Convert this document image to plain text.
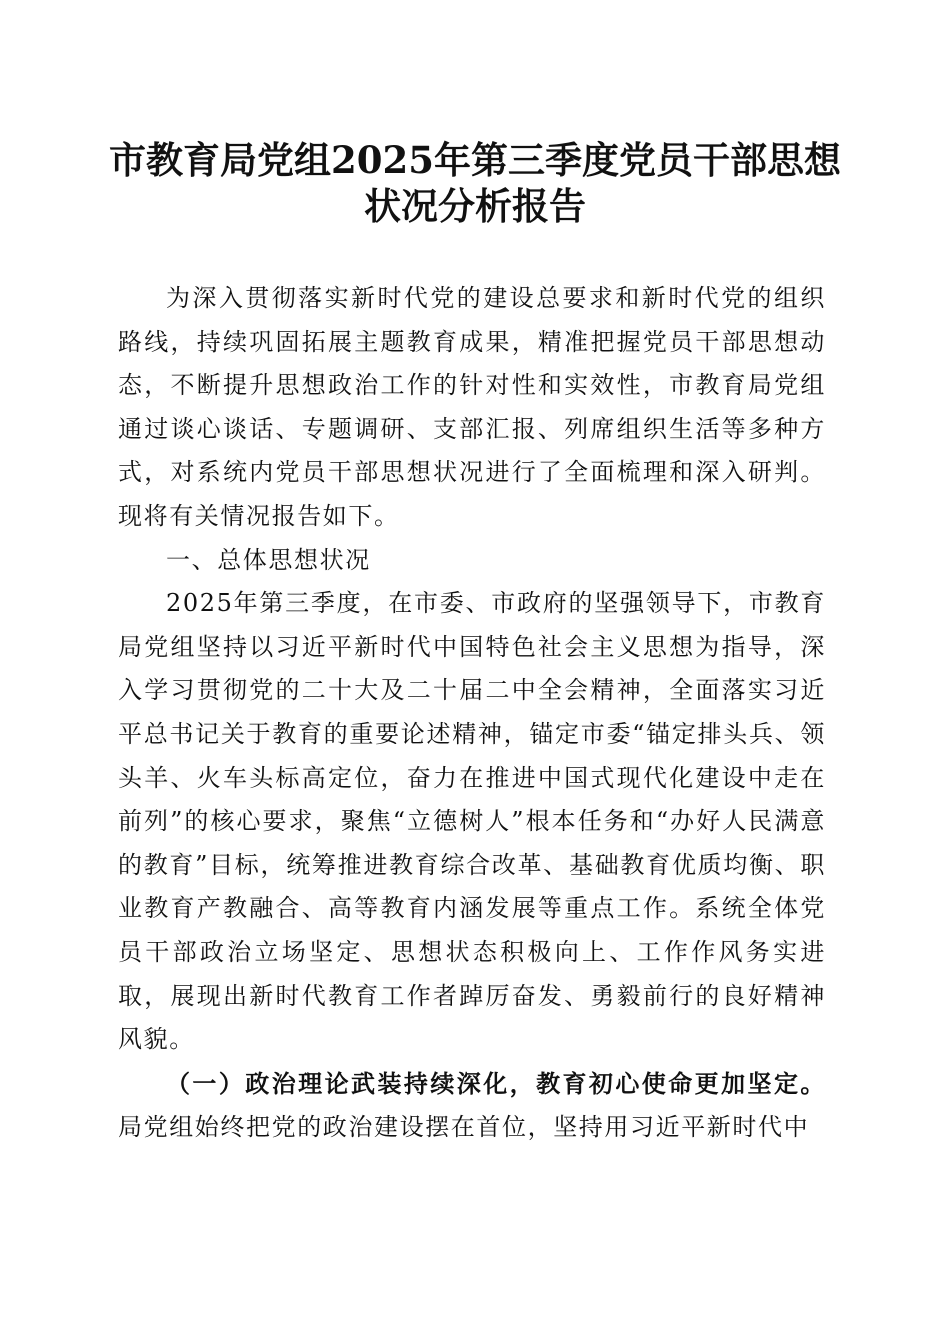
市教育局党组2025年第三季度党员干部思想
状况分析报告

为深入贯彻落实新时代党的建设总要求和新时代党的组织路线，持续巩固拓展主题教育成果，精准把握党员干部思想动态，不断提升思想政治工作的针对性和实效性，市教育局党组通过谈心谈话、专题调研、支部汇报、列席组织生活等多种方式，对系统内党员干部思想状况进行了全面梳理和深入研判。现将有关情况报告如下。

一、总体思想状况

2025年第三季度，在市委、市政府的坚强领导下，市教育局党组坚持以习近平新时代中国特色社会主义思想为指导，深入学习贯彻党的二十大及二十届二中全会精神，全面落实习近平总书记关于教育的重要论述精神，锚定市委“锚定排头兵、领头羊、火车头标高定位，奋力在推进中国式现代化建设中走在前列”的核心要求，聚焦“立德树人”根本任务和“办好人民满意的教育”目标，统筹推进教育综合改革、基础教育优质均衡、职业教育产教融合、高等教育内涵发展等重点工作。系统全体党员干部政治立场坚定、思想状态积极向上、工作作风务实进取，展现出新时代教育工作者踔厉奋发、勇毅前行的良好精神风貌。

（一）政治理论武装持续深化，教育初心使命更加坚定。局党组始终把党的政治建设摆在首位，坚持用习近平新时代中
